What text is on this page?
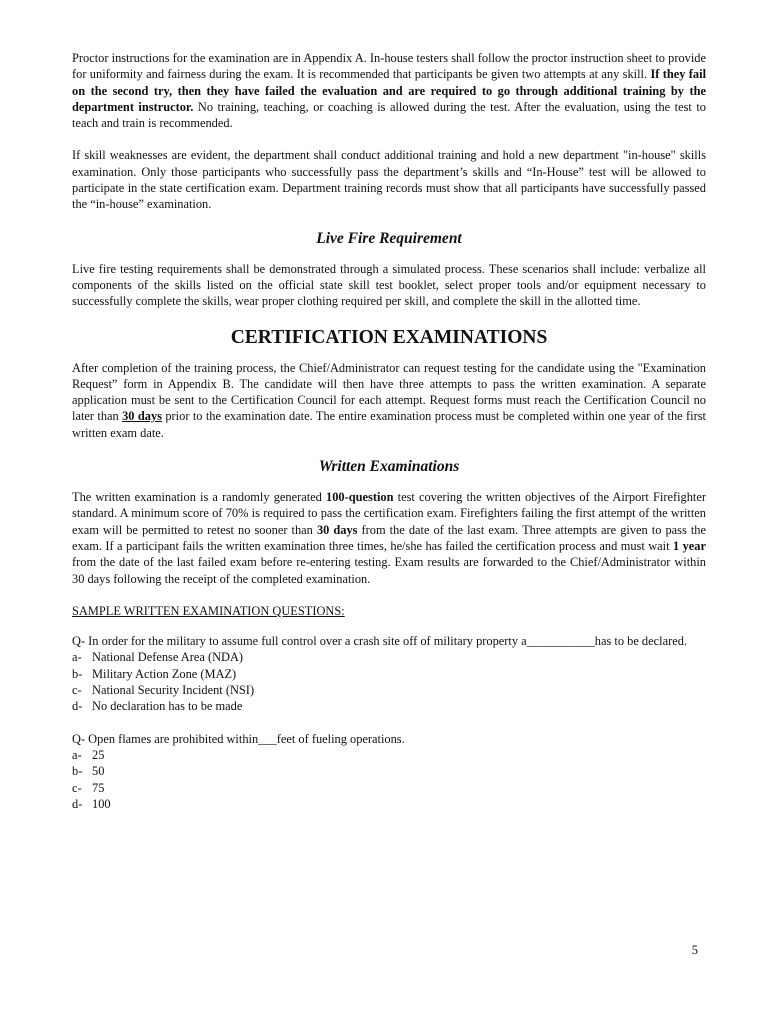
Proctor instructions for the examination are in Appendix A. In-house testers shall follow the proctor instruction sheet to provide for uniformity and fairness during the exam. It is recommended that participants be given two attempts at any skill. If they fail on the second try, then they have failed the evaluation and are required to go through additional training by the department instructor. No training, teaching, or coaching is allowed during the test. After the evaluation, using the test to teach and train is recommended.

If skill weaknesses are evident, the department shall conduct additional training and hold a new department "in-house" skills examination. Only those participants who successfully pass the department’s skills and “In-House” test will be allowed to participate in the state certification exam. Department training records must show that all participants have successfully passed the “in-house” examination.

Live Fire Requirement

Live fire testing requirements shall be demonstrated through a simulated process. These scenarios shall include: verbalize all components of the skills listed on the official state skill test booklet, select proper tools and/or equipment necessary to successfully complete the skills, wear proper clothing required per skill, and complete the skill in the allotted time.

CERTIFICATION EXAMINATIONS

After completion of the training process, the Chief/Administrator can request testing for the candidate using the "Examination Request” form in Appendix B. The candidate will then have three attempts to pass the written examination. A separate application must be sent to the Certification Council for each attempt. Request forms must reach the Certification Council no later than 30 days prior to the examination date. The entire examination process must be completed within one year of the first written exam date.

Written Examinations

The written examination is a randomly generated 100-question test covering the written objectives of the Airport Firefighter standard. A minimum score of 70% is required to pass the certification exam. Firefighters failing the first attempt of the written exam will be permitted to retest no sooner than 30 days from the date of the last exam. Three attempts are given to pass the exam. If a participant fails the written examination three times, he/she has failed the certification process and must wait 1 year from the date of the last failed exam before re-entering testing. Exam results are forwarded to the Chief/Administrator within 30 days following the receipt of the completed examination.

SAMPLE WRITTEN EXAMINATION QUESTIONS:

Q- In order for the military to assume full control over a crash site off of military property a___________has to be declared.

a- National Defense Area (NDA)
b- Military Action Zone (MAZ)
c- National Security Incident (NSI)
d- No declaration has to be made

Q- Open flames are prohibited within___feet of fueling operations.

a- 25
b- 50
c- 75
d- 100
5
